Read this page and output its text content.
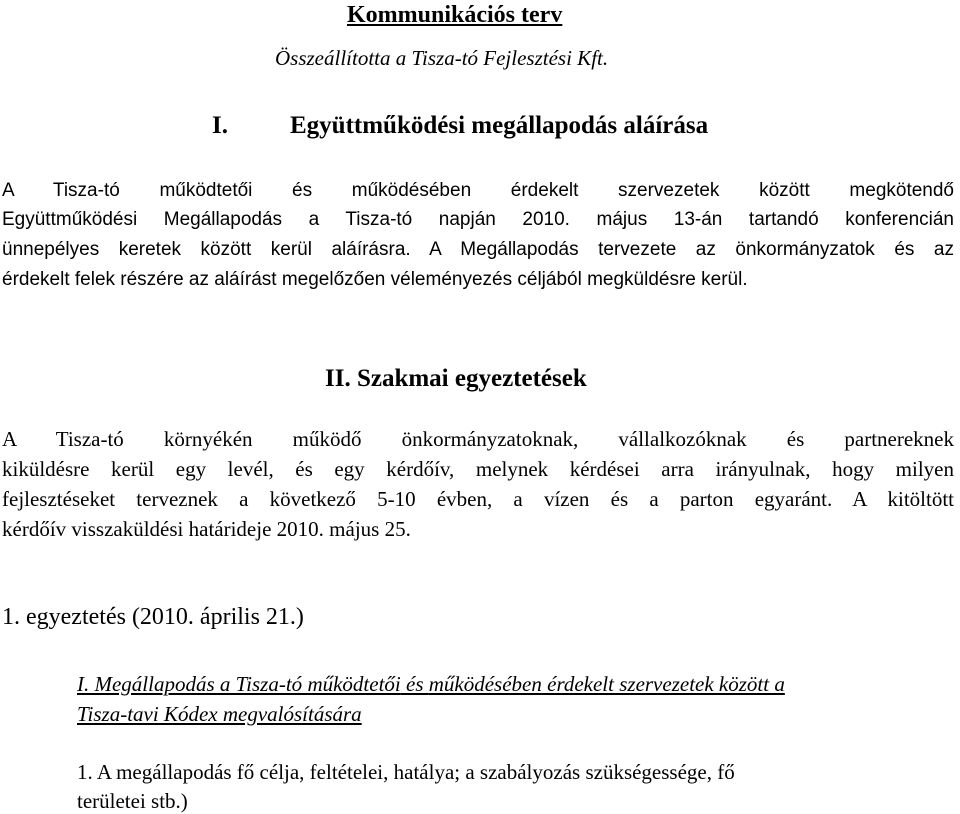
Kommunikációs terv
Összeállította a Tisza-tó Fejlesztési Kft.
I. Együttműködési megállapodás aláírása
A Tisza-tó működtetői és működésében érdekelt szervezetek között megkötendő
Együttműködési Megállapodás a Tisza-tó napján 2010. május 13-án tartandó konferencián
ünnepélyes keretek között kerül aláírásra. A Megállapodás tervezete az önkormányzatok és az
érdekelt felek részére az aláírást megelőzően véleményezés céljából megküldésre kerül.
II. Szakmai egyeztetések
A Tisza-tó környékén működő önkormányzatoknak, vállalkozóknak és partnereknek
kiküldésre kerül egy levél, és egy kérdőív, melynek kérdései arra irányulnak, hogy milyen
fejlesztéseket terveznek a következő 5-10 évben, a vízen és a parton egyaránt. A kitöltött
kérdőív visszaküldési határideje 2010. május 25.
1. egyeztetés (2010. április 21.)
I. Megállapodás a Tisza-tó működtetői és működésében érdekelt szervezetek között a
Tisza-tavi Kódex megvalósítására
1. A megállapodás fő célja, feltételei, hatálya; a szabályozás szükségessége, fő
területei stb.)
